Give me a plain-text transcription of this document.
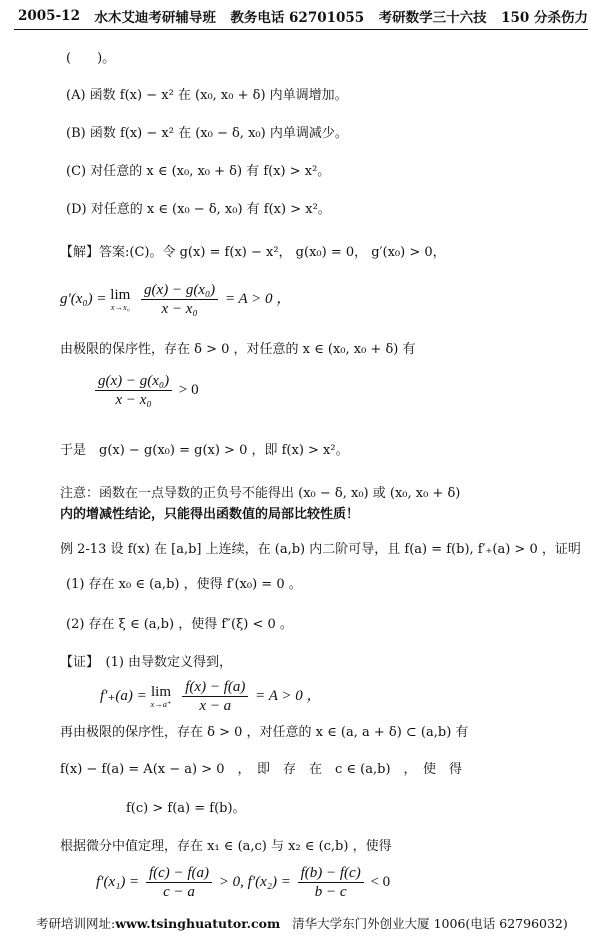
2005-12 水木艾迪考研辅导班 教务电话 62701055 考研数学三十六技 150 分杀伤力
(　　)。
(A) 函数 f(x) − x² 在 (x₀, x₀ + δ) 内单调增加。
(B) 函数 f(x) − x² 在 (x₀ − δ, x₀) 内单调减少。
(C) 对任意的 x ∈ (x₀, x₀ + δ) 有 f(x) > x²。
(D) 对任意的 x ∈ (x₀ − δ, x₀) 有 f(x) > x²。
【解】答案:(C)。令 g(x) = f(x) − x²， g(x₀) = 0， g′(x₀) > 0，
g′(x₀) = lim
x→x₀
$\frac{\text{g(x) − g(x₀)}}{\text{x − x₀}} = A > 0$ ，
由极限的保序性，存在 δ > 0 ，对任意的 x ∈ (x₀, x₀ + δ) 有
$\frac{\text{g(x) − g(x₀)}}{\text{x − x₀}} > 0$
于是　g(x) − g(x₀) = g(x) > 0 ，即 f(x) > x²。
注意：函数在一点导数的正负号不能得出 (x₀ − δ, x₀) 或 (x₀, x₀ + δ)
内的增减性结论，只能得出函数值的局部比较性质！
例 2-13 设 f(x) 在 [a,b] 上连续，在 (a,b) 内二阶可导，且 f(a) = f(b), f′₊(a) > 0 ，证明
(1) 存在 x₀ ∈ (a,b) ，使得 f′(x₀) = 0 。
(2) 存在 ξ ∈ (a,b) ，使得 f″(ξ) < 0 。
【证】　(1) 由导数定义得到，
f′₊(a) = lim
x→a⁺
$\frac{f(x) - f(a)}{x - a} = A > 0$ ，
再由极限的保序性，存在 δ > 0 ，对任意的 x ∈ (a, a + δ) ⊂ (a,b) 有
f(x) − f(a) = A(x − a) > 0　，　即　存　在　c ∈ (a,b)　，　使　得
f(c) > f(a) = f(b)。
根据微分中值定理，存在 x₁ ∈ (a,c) 与 x₂ ∈ (c,b) ，使得
$f'(x_1) = \frac{f(c) - f(a)}{c - a} > 0$, $f'(x_2) = \frac{f(b) - f(c)}{b - c} < 0$
考研培训网址:www.tsinghuatutor.com 清华大学东门外创业大厦 1006(电话 62796032)
